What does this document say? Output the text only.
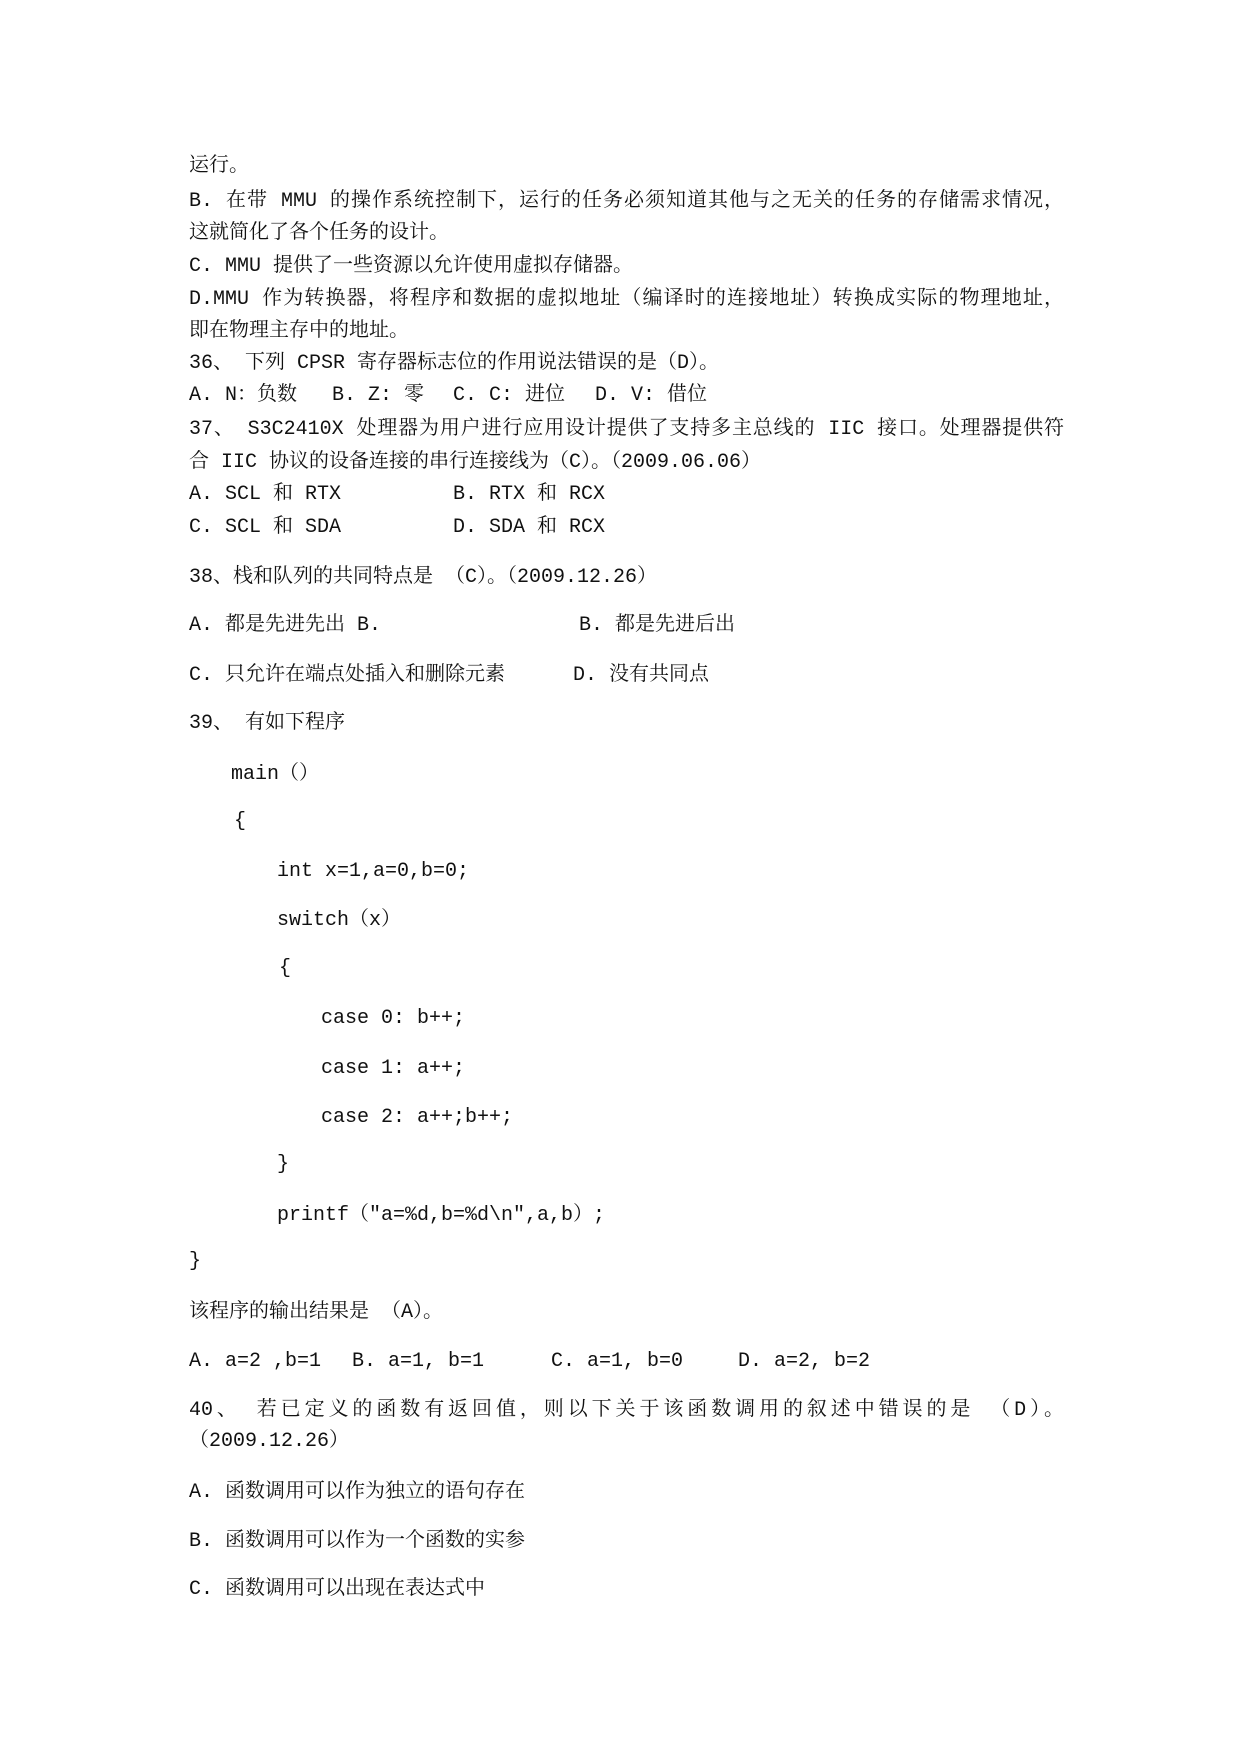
运行。
B. 在带 MMU 的操作系统控制下，运行的任务必须知道其他与之无关的任务的存储需求情况，
这就简化了各个任务的设计。
C. MMU 提供了一些资源以允许使用虚拟存储器。
D.MMU 作为转换器，将程序和数据的虚拟地址（编译时的连接地址）转换成实际的物理地址，
即在物理主存中的地址。
36、 下列 CPSR 寄存器标志位的作用说法错误的是（D）。
A. N：负数 B. Z: 零 C. C: 进位 D. V: 借位
37、 S3C2410X 处理器为用户进行应用设计提供了支持多主总线的 IIC 接口。处理器提供符
合 IIC 协议的设备连接的串行连接线为（C）。（2009.06.06）
A. SCL 和 RTX	B. RTX 和 RCX
C. SCL 和 SDA	D. SDA 和 RCX
38、栈和队列的共同特点是 （C）。（2009.12.26）
A. 都是先进先出 B.	B. 都是先进后出
C. 只允许在端点处插入和删除元素	D. 没有共同点
39、 有如下程序
main（）
{
int x=1,a=0,b=0;
switch（x）
{
case 0: b++;
case 1: a++;
case 2: a++;b++;
}
printf（"a=%d,b=%d\n",a,b）;
}
该程序的输出结果是 （A）。
A. a=2 ,b=1 B. a=1, b=1	C. a=1, b=0	D. a=2, b=2
40、 若已定义的函数有返回值，则以下关于该函数调用的叙述中错误的是 （D）。
（2009.12.26）
A. 函数调用可以作为独立的语句存在
B. 函数调用可以作为一个函数的实参
C. 函数调用可以出现在表达式中
